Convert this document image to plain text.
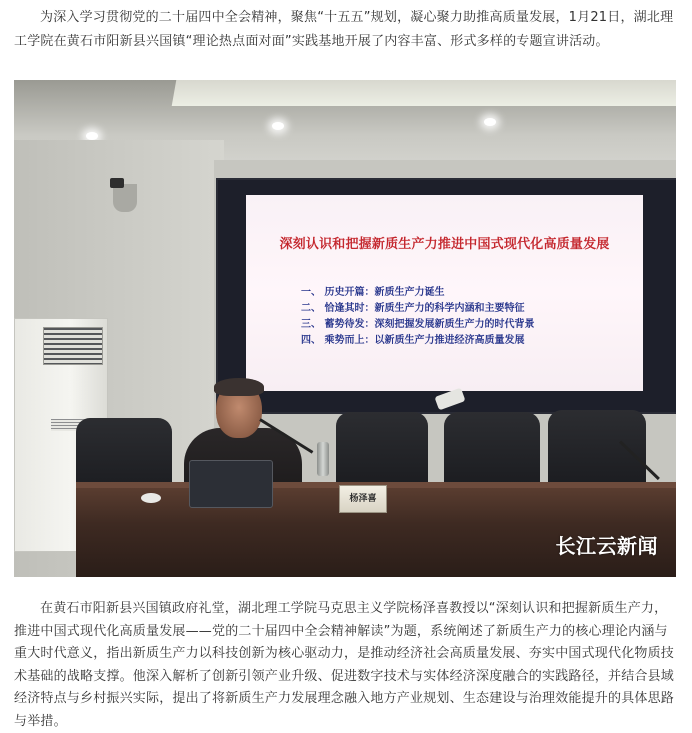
为深入学习贯彻党的二十届四中全会精神，聚焦“十五五”规划，凝心聚力助推高质量发展，1月21日，湖北理工学院在黄石市阳新县兴国镇“理论热点面对面”实践基地开展了内容丰富、形式多样的专题宣讲活动。

深刻认识和把握新质生产力推进中国式现代化高质量发展
一、 历史开篇：新质生产力诞生
二、 恰逢其时：新质生产力的科学内涵和主要特征
三、 蓄势待发：深刻把握发展新质生产力的时代背景
四、 乘势而上：以新质生产力推进经济高质量发展
杨泽喜
长江云新闻

在黄石市阳新县兴国镇政府礼堂，湖北理工学院马克思主义学院杨泽喜教授以“深刻认识和把握新质生产力，推进中国式现代化高质量发展——党的二十届四中全会精神解读”为题，系统阐述了新质生产力的核心理论内涵与重大时代意义，指出新质生产力以科技创新为核心驱动力，是推动经济社会高质量发展、夯实中国式现代化物质技术基础的战略支撑。他深入解析了创新引领产业升级、促进数字技术与实体经济深度融合的实践路径，并结合县域经济特点与乡村振兴实际，提出了将新质生产力发展理念融入地方产业规划、生态建设与治理效能提升的具体思路与举措。
